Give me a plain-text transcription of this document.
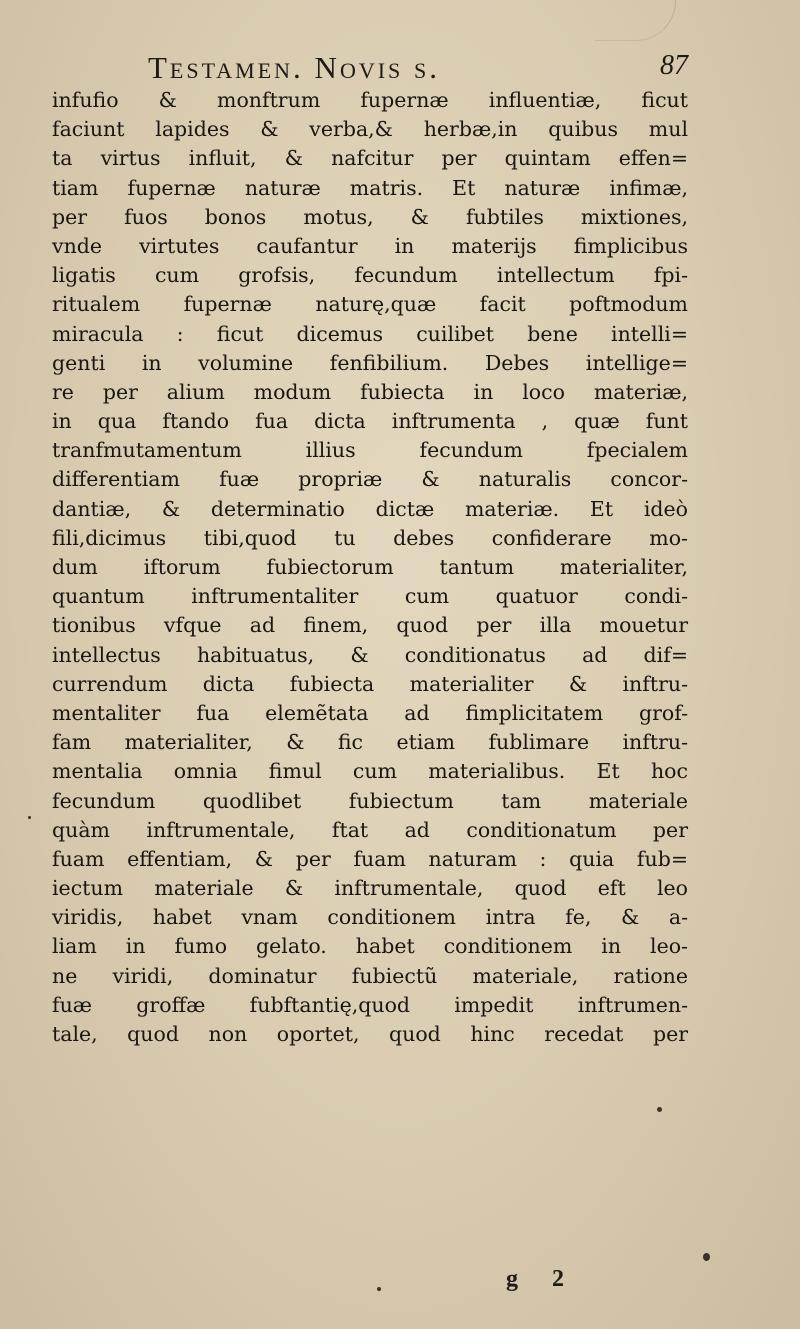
Testamen. Novis s.	87
infufio & monftrum fupernæ influentiæ, ficut
faciunt lapides & verba,& herbæ,in quibus mul
ta virtus influit, & nafcitur per quintam effen=
tiam fupernæ naturæ matris. Et naturæ infimæ,
per fuos bonos motus, & fubtiles mixtiones,
vnde virtutes caufantur in materijs fimplicibus
ligatis cum grofsis, fecundum intellectum fpi-
ritualem fupernæ naturę,quæ facit poftmodum
miracula : ficut dicemus cuilibet bene intelli=
genti in volumine fenfibilium. Debes intellige=
re per alium modum fubiecta in loco materiæ,
in qua ftando fua dicta inftrumenta , quæ funt
tranfmutamentum illius fecundum fpecialem
differentiam fuæ propriæ & naturalis concor-
dantiæ, & determinatio dictæ materiæ. Et ideò
fili,dicimus tibi,quod tu debes confiderare mo-
dum iftorum fubiectorum tantum materialiter,
quantum inftrumentaliter cum quatuor condi-
tionibus vfque ad finem, quod per illa mouetur
intellectus habituatus, & conditionatus ad dif=
currendum dicta fubiecta materialiter & inftru-
mentaliter fua elemẽtata ad fimplicitatem grof-
fam materialiter, & fic etiam fublimare inftru-
mentalia omnia fimul cum materialibus. Et hoc
fecundum quodlibet fubiectum tam materiale
quàm inftrumentale, ftat ad conditionatum per
fuam effentiam, & per fuam naturam : quia fub=
iectum materiale & inftrumentale, quod eft leo
viridis, habet vnam conditionem intra fe, & a-
liam in fumo gelato. habet conditionem in leo-
ne viridi, dominatur fubiectũ materiale, ratione
fuæ groffæ fubftantię,quod impedit inftrumen-
tale, quod non oportet, quod hinc recedat per
g 2
